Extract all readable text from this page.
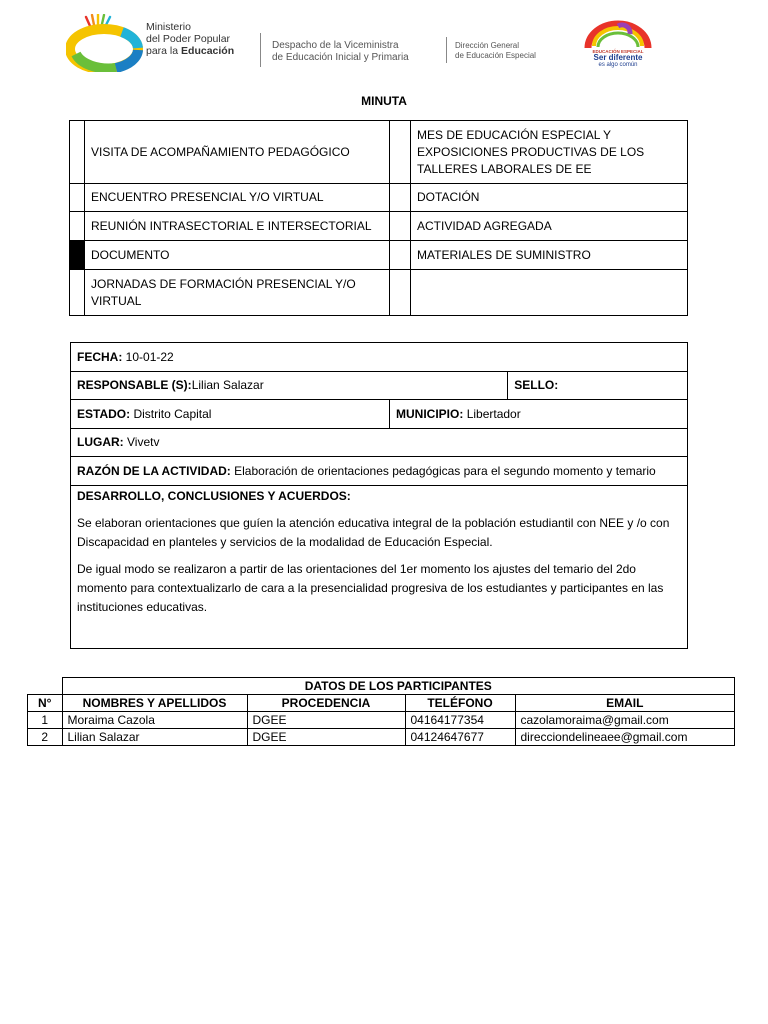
Ministerio
del Poder Popular
para la Educación	Despacho de la Viceministra
de Educación Inicial y Primaria
Dirección General
de Educación Especial	EDUCACIÓN ESPECIAL
Ser diferente
es algo común
MINUTA
	VISITA DE ACOMPAÑAMIENTO PEDAGÓGICO		MES DE EDUCACIÓN ESPECIAL Y EXPOSICIONES PRODUCTIVAS DE LOS TALLERES LABORALES DE EE
	ENCUENTRO PRESENCIAL Y/O VIRTUAL		DOTACIÓN
	REUNIÓN INTRASECTORIAL E INTERSECTORIAL		ACTIVIDAD AGREGADA
	DOCUMENTO		MATERIALES DE SUMINISTRO
	JORNADAS DE FORMACIÓN PRESENCIAL Y/O VIRTUAL		
FECHA: 10-01-22		
RESPONSABLE (S):Lilian Salazar		SELLO:
ESTADO: Distrito Capital	MUNICIPIO: Libertador	
LUGAR: Vivetv		
RAZÓN DE LA ACTIVIDAD: Elaboración de orientaciones pedagógicas para el segundo momento y temario		

DESARROLLO, CONCLUSIONES Y ACUERDOS:

Se elaboran orientaciones que guíen la atención educativa integral de la población estudiantil con NEE y /o con Discapacidad en planteles y servicios de la modalidad de Educación Especial.

De igual modo se realizaron a partir de las orientaciones del 1er momento los ajustes del temario del 2do momento para contextualizarlo de cara a la presencialidad progresiva de los estudiantes y participantes en las instituciones educativas.		

	DATOS DE LOS PARTICIPANTES			
N°	NOMBRES Y APELLIDOS	PROCEDENCIA	TELÉFONO	EMAIL
1	Moraima Cazola	DGEE	04164177354	cazolamoraima@gmail.com
2	Lilian Salazar	DGEE	04124647677	direcciondelineaee@gmail.com
